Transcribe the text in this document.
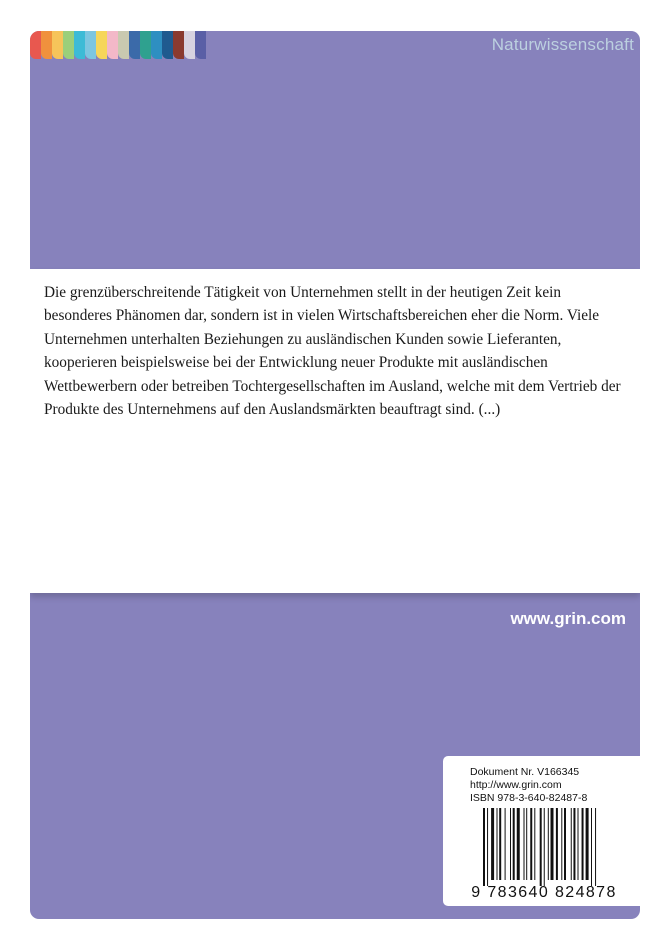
Naturwissenschaft

Die grenzüberschreitende Tätigkeit von Unternehmen stellt in der heutigen Zeit kein besonderes Phänomen dar, sondern ist in vielen Wirtschaftsbereichen eher die Norm. Viele Unternehmen unterhalten Beziehungen zu ausländischen Kunden sowie Lieferanten, kooperieren beispielsweise bei der Entwicklung neuer Produkte mit ausländischen Wettbewerbern oder betreiben Tochtergesellschaften im Ausland, welche mit dem Vertrieb der Produkte des Unternehmens auf den Auslandsmärkten beauftragt sind. (...)

www.grin.com
Dokument Nr. V166345
http://www.grin.com
ISBN 978-3-640-82487-8
9 783640 824878
